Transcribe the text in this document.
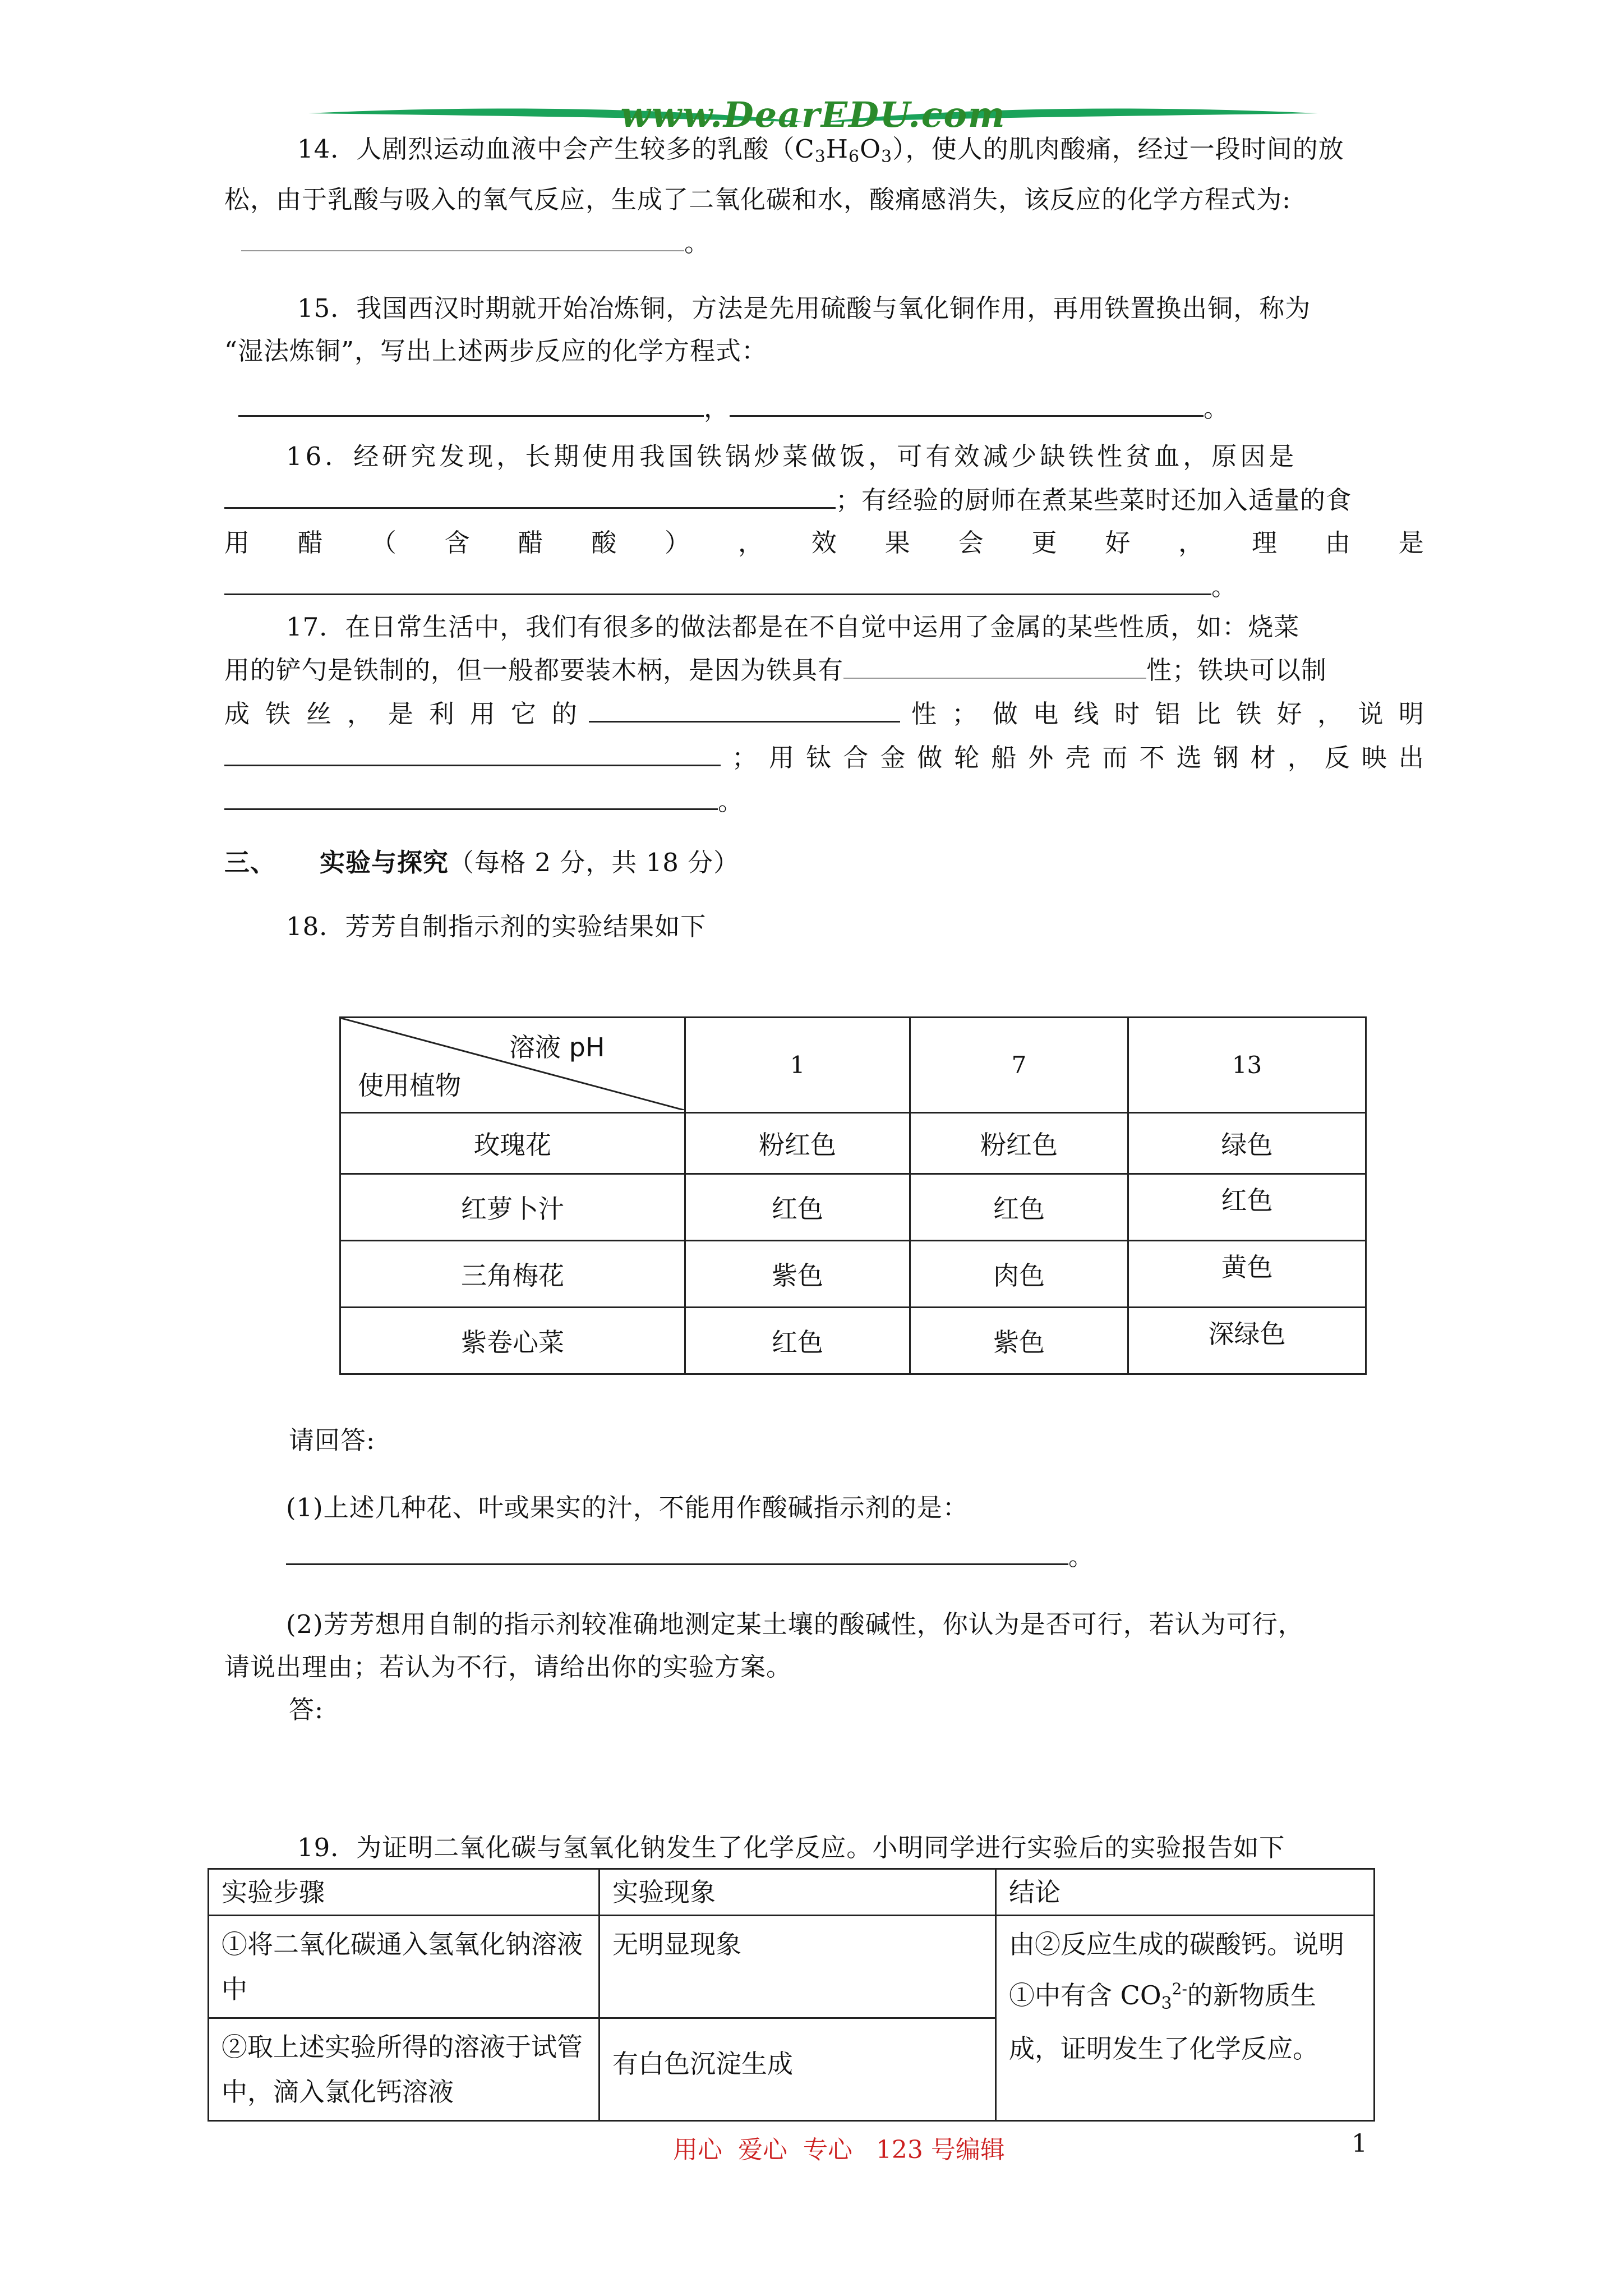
www.DearEDU.com
14．人剧烈运动血液中会产生较多的乳酸$(C_3H_6O_3)$，使人的肌肉酸痛，经过一段时间的放
松，由于乳酸与吸入的氧气反应，生成了二氧化碳和水，酸痛感消失，该反应的化学方程式为:
。
15．我国西汉时期就开始冶炼铜，方法是先用硫酸与氧化铜作用，再用铁置换出铜，称为
“湿法炼铜”，写出上述两步反应的化学方程式：
，	。
16．经研究发现，长期使用我国铁锅炒菜做饭，可有效减少缺铁性贫血，原因是
；有经验的厨师在煮某些菜时还加入适量的食
用 醋 （ 含 醋 酸 ） ， 效 果 会 更 好 ， 理 由 是
。
17．在日常生活中，我们有很多的做法都是在不自觉中运用了金属的某些性质，如：烧菜
用的铲勺是铁制的，但一般都要装木柄，是因为铁具有	性；铁块可以制
成 铁 丝 ， 是 利 用 它 的	性 ； 做 电 线 时 铝 比 铁 好 ， 说 明
； 用 钛 合 金 做 轮 船 外 壳 而 不 选 钢 材 ， 反 映 出
。
三、 实验与探究（每格 2 分，共 18 分）
18．芳芳自制指示剂的实验结果如下
溶液 pH
使用植物	1	7	13
玫瑰花	粉红色	粉红色	绿色
红萝卜汁	红色	红色	红色
三角梅花	紫色	肉色	黄色
紫卷心菜	红色	紫色	深绿色
请回答:
(1)上述几种花、叶或果实的汁，不能用作酸碱指示剂的是：
。
(2)芳芳想用自制的指示剂较准确地测定某土壤的酸碱性，你认为是否可行，若认为可行，
请说出理由；若认为不行，请给出你的实验方案。
答:
19．为证明二氧化碳与氢氧化钠发生了化学反应。小明同学进行实验后的实验报告如下
实验步骤	实验现象	结论
①将二氧化碳通入氢氧化钠溶液中	无明显现象	由②反应生成的碳酸钙。说明①中有含 $CO_3^{2-}$的新物质生成，证明发生了化学反应。
②取上述实验所得的溶液于试管中，滴入氯化钙溶液	有白色沉淀生成	
用心  爱心  专心   123 号编辑	1
